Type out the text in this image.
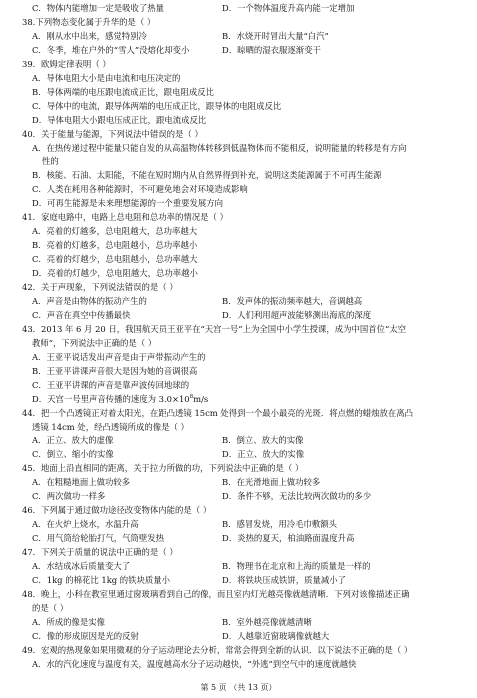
C．物体内能增加一定是吸收了热量	D．一个物体温度升高内能一定增加
38.下列物态变化属于升华的是（ ）
A．刚从水中出来，感觉特别冷	B．水烧开时冒出大量“白汽”
C．冬季，堆在户外的“雪人”没熔化却变小	D．晾晒的湿衣服逐渐变干
39．欧姆定律表明（ ）
A．导体电阻大小是由电流和电压决定的
B．导体两端的电压跟电流成正比，跟电阻成反比
C．导体中的电流，跟导体两端的电压成正比，跟导体的电阻成反比
D．导体电阻大小跟电压成正比，跟电流成反比
40．关于能量与能源，下列说法中错误的是（ ）
A．在热传递过程中能量只能自发的从高温物体转移到低温物体而不能相反，说明能量的转移是有方向
性的
B．核能、石油、太阳能，不能在短时期内从自然界得到补充，说明这类能源属于不可再生能源
C．人类在耗用各种能源时，不可避免地会对环境造成影响
D．可再生能源是未来理想能源的一个重要发展方向
41．家庭电路中，电路上总电阻和总功率的情况是（ ）
A．亮着的灯越多，总电阻越大，总功率越大
B．亮着的灯越多，总电阻越小，总功率越小
C．亮着的灯越少，总电阻越小，总功率越大
D．亮着的灯越少，总电阻越大，总功率越小
42．关于声现象，下列说法错误的是（ ）
A．声音是由物体的振动产生的	B．发声体的振动频率越大，音调越高
C．声音在真空中传播最快	D．人们利用超声波能够测出海底的深度
43．2013 年 6 月 20 日，我国航天员王亚平在“天宫一号”上为全国中小学生授课，成为中国首位“太空
教师”，下列说法中正确的是（ ）
A．王亚平说话发出声音是由于声带振动产生的
B．王亚平讲课声音很大是因为她的音调很高
C．王亚平讲课的声音是靠声波传回地球的
D．天宫一号里声音传播的速度为 $3.0\times 10^8m/s$
44．把一个凸透镜正对着太阳光，在距凸透镜 15cm 处得到一个最小最亮的光斑．将点燃的蜡烛放在离凸
透镜 14cm 处，经凸透镜所成的像是（ ）
A．正立、放大的虚像	B．倒立、放大的实像
C．倒立、缩小的实像	D．正立、放大的实像
45．地面上沿直相同的距离，关于拉力所做的功，下列说法中正确的是（ ）
A．在粗糙地面上做功较多	B．在光滑地面上做功较多
C．两次做功一样多	D．条件不够，无法比较两次做功的多少
46．下列属于通过做功途径改变物体内能的是（ ）
A．在火炉上烧水，水温升高	B．感冒发烧，用冷毛巾敷额头
C．用气筒给轮胎打气，气筒壁发热	D．炎热的夏天，柏油路面温度升高
47．下列关于质量的说法中正确的是（ ）
A．水结成冰后质量变大了	B．物理书在北京和上海的质量是一样的
C．1kg 的棉花比 1kg 的铁块质量小	D．将铁块压成铁饼，质量减小了
48．晚上，小科在教室里通过窗玻璃看到自己的像，而且室内灯光越亮像就越清晰．下列对该像描述正确
的是（ ）
A．所成的像是实像	B．室外越亮像就越清晰
C．像的形成原因是光的反射	D．人越靠近窗玻璃像就越大
49．宏观的热现象如果用微观的分子运动理论去分析，常常会得到全新的认识．以下说法不正确的是（ ）
A．水的汽化速度与温度有关，温度越高水分子运动越快，“外逃”到空气中的速度就越快
第 5 页 （共 13 页）
